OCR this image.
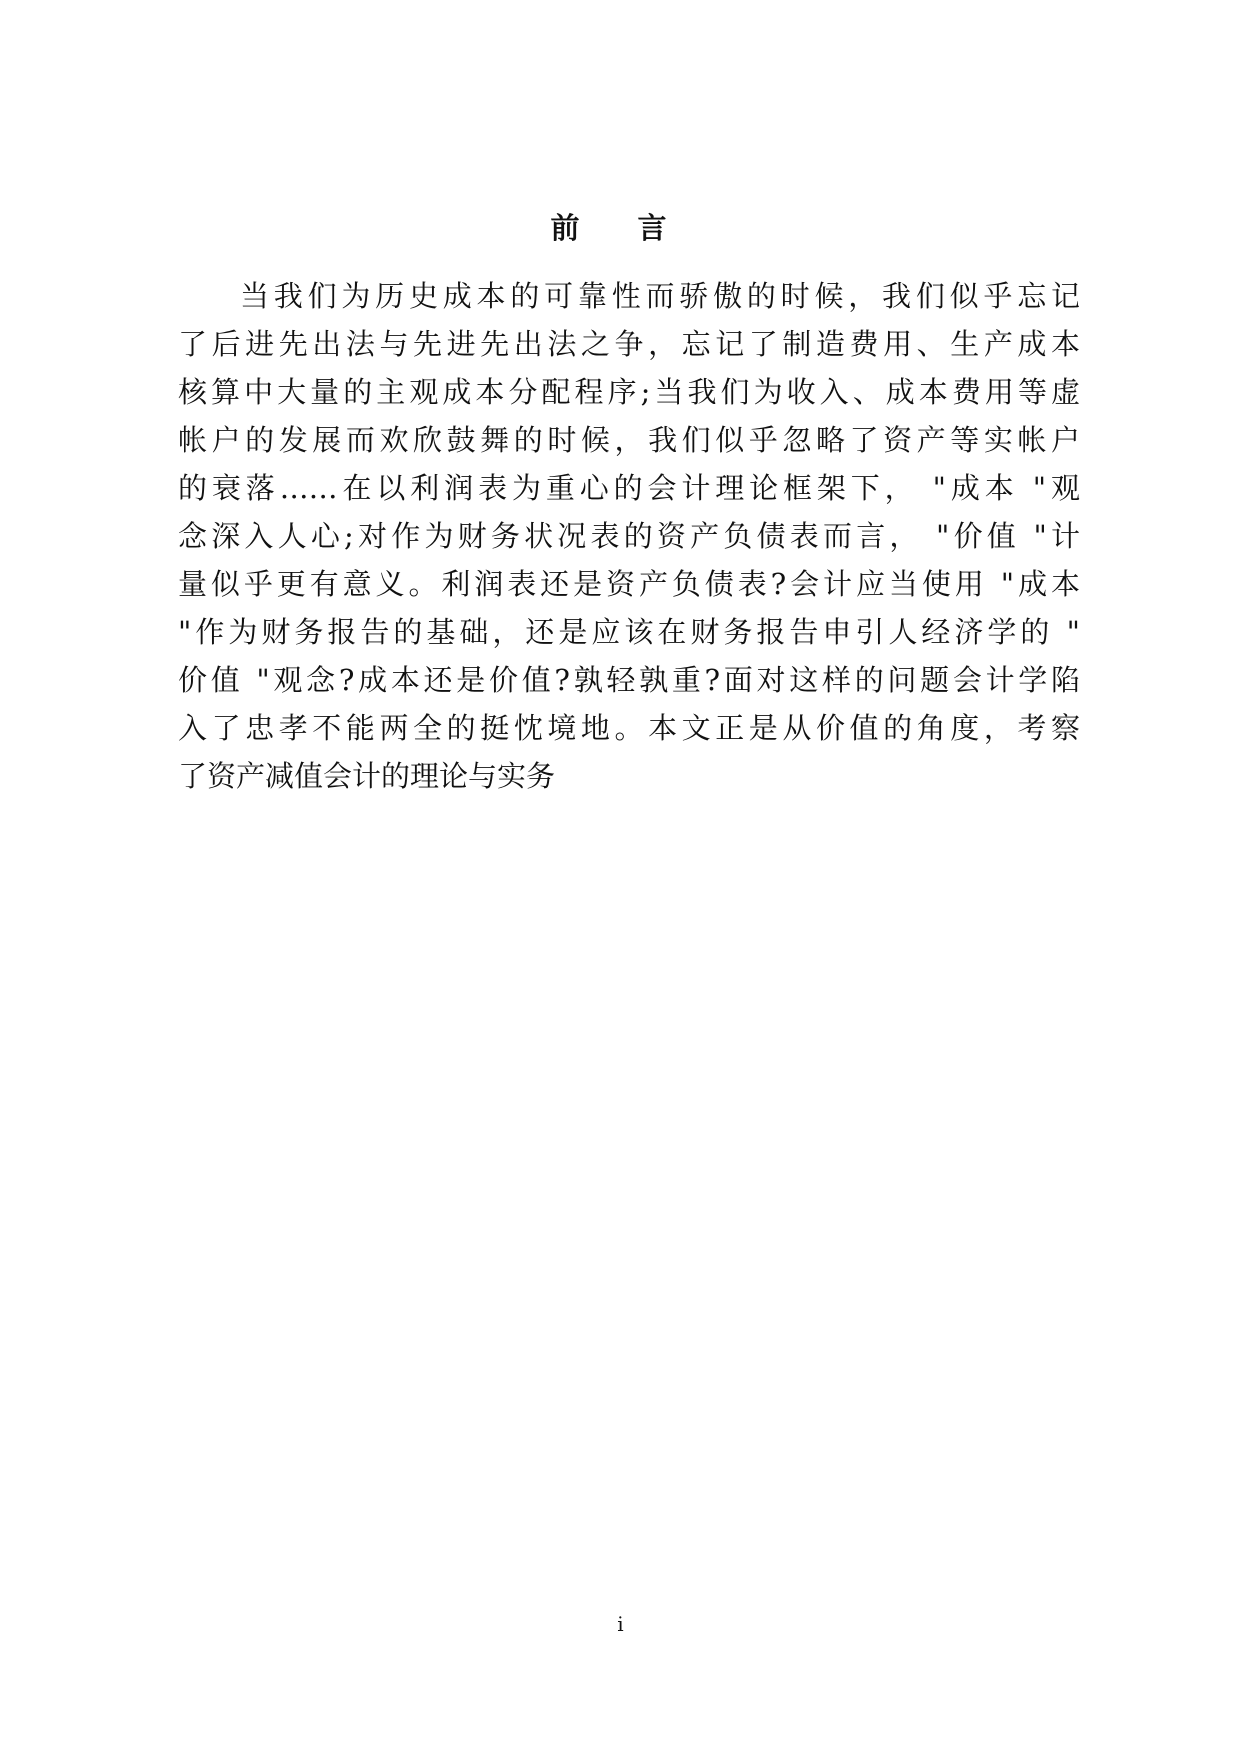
前 言
当我们为历史成本的可靠性而骄傲的时候，我们似乎忘记
了后进先出法与先进先出法之争，忘记了制造费用、生产成本
核算中大量的主观成本分配程序;当我们为收入、成本费用等虚
帐户的发展而欢欣鼓舞的时候，我们似乎忽略了资产等实帐户
的衰落……在以利润表为重心的会计理论框架下， "成本 "观
念深入人心;对作为财务状况表的资产负债表而言， "价值 "计
量似乎更有意义。利润表还是资产负债表?会计应当使用 "成本
"作为财务报告的基础，还是应该在财务报告申引人经济学的 "
价值 "观念?成本还是价值?孰轻孰重?面对这样的问题会计学陷
入了忠孝不能两全的挺忱境地。本文正是从价值的角度，考察
了资产减值会计的理论与实务
i
